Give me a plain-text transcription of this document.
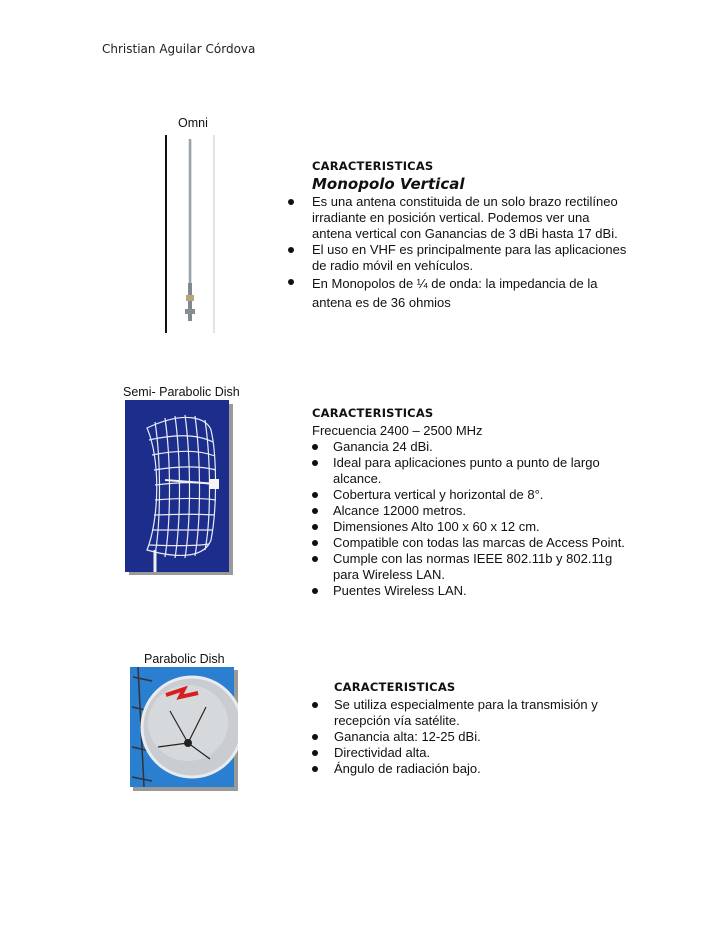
Christian Aguilar Córdova
Omni
CARACTERISTICAS
Monopolo Vertical
Es una antena constituida de un solo brazo rectilíneo irradiante en posición vertical. Podemos ver una antena vertical con Ganancias de 3 dBi hasta 17 dBi.
El uso en VHF es principalmente para las aplicaciones de radio móvil en vehículos.
En Monopolos de ¼ de onda: la impedancia de la antena es de 36 ohmios
Semi- Parabolic Dish
CARACTERISTICAS
Frecuencia 2400 – 2500 MHz
Ganancia 24 dBi.
Ideal para aplicaciones punto a punto de largo alcance.
Cobertura vertical y horizontal de 8°.
Alcance 12000 metros.
Dimensiones Alto 100 x 60 x 12 cm.
Compatible con todas las marcas de Access Point.
Cumple con las normas IEEE 802.11b y 802.11g para Wireless LAN.
Puentes Wireless LAN.
Parabolic Dish
CARACTERISTICAS
Se utiliza especialmente para la transmisión y recepción vía satélite.
Ganancia alta: 12-25 dBi.
Directividad alta.
Ángulo de radiación bajo.
